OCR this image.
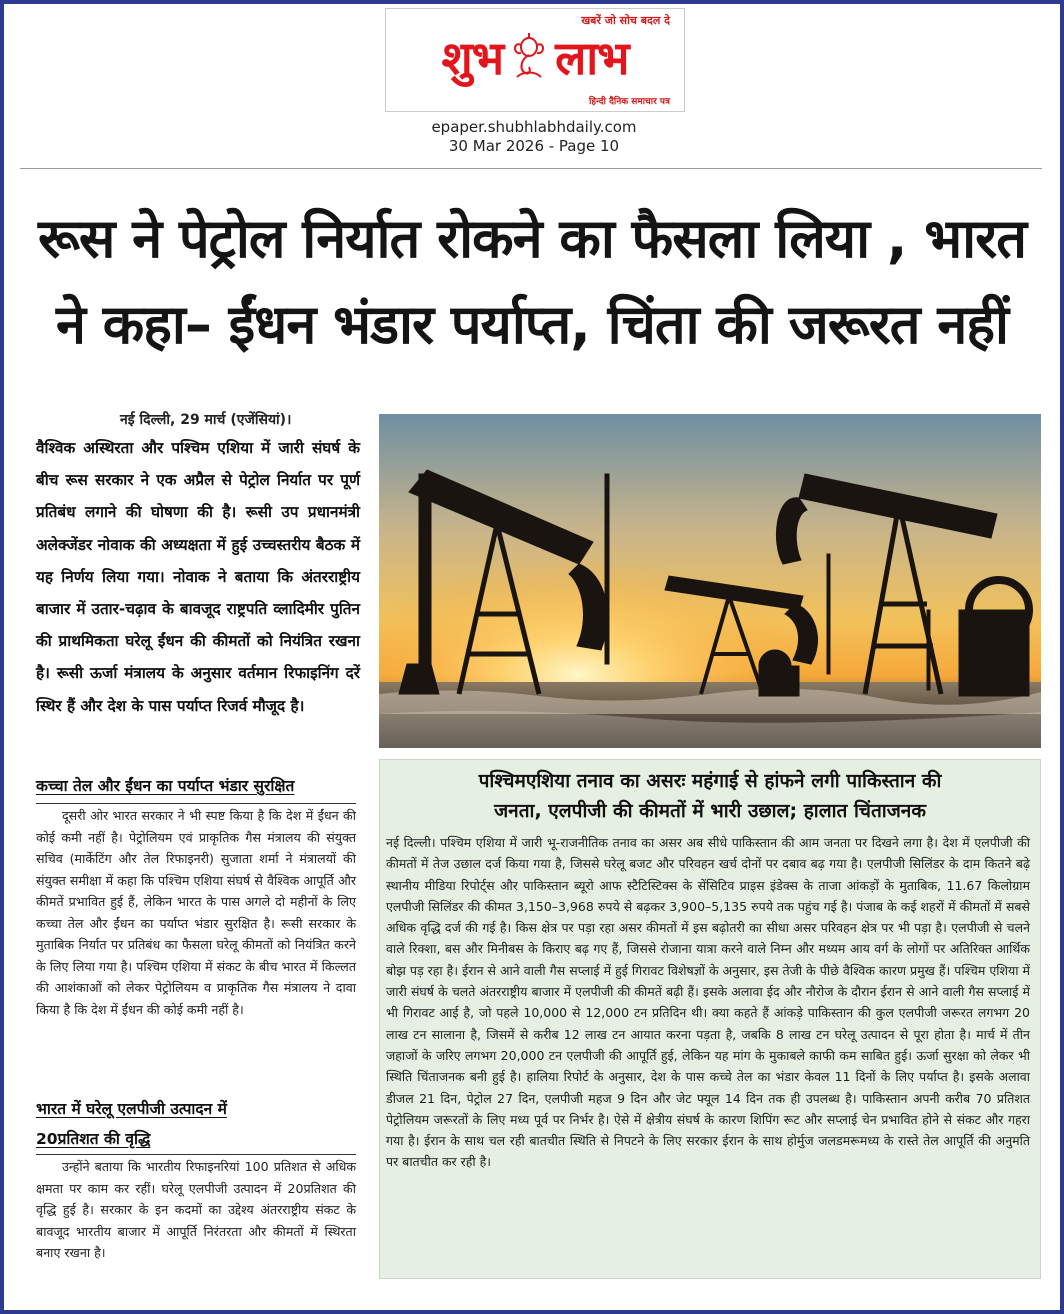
खबरें जो सोच बदल दे
शुभ लाभ
हिन्दी दैनिक समाचार पत्र
epaper.shubhlabhdaily.com
30 Mar 2026 - Page 10
रूस ने पेट्रोल निर्यात रोकने का फैसला लिया , भारत
ने कहा– ईंधन भंडार पर्याप्त, चिंता की जरूरत नहीं
नई दिल्ली, 29 मार्च (एजेंसियां)।
वैश्विक अस्थिरता और पश्चिम एशिया में जारी संघर्ष के बीच रूस सरकार ने एक अप्रैल से पेट्रोल निर्यात पर पूर्ण प्रतिबंध लगाने की घोषणा की है। रूसी उप प्रधानमंत्री अलेक्जेंडर नोवाक की अध्यक्षता में हुई उच्चस्तरीय बैठक में यह निर्णय लिया गया। नोवाक ने बताया कि अंतरराष्ट्रीय बाजार में उतार-चढ़ाव के बावजूद राष्ट्रपति व्लादिमीर पुतिन की प्राथमिकता घरेलू ईंधन की कीमतों को नियंत्रित रखना है। रूसी ऊर्जा मंत्रालय के अनुसार वर्तमान रिफाइनिंग दरें स्थिर हैं और देश के पास पर्याप्त रिजर्व मौजूद है।
कच्चा तेल और ईंधन का पर्याप्त भंडार सुरक्षित
दूसरी ओर भारत सरकार ने भी स्पष्ट किया है कि देश में ईंधन की कोई कमी नहीं है। पेट्रोलियम एवं प्राकृतिक गैस मंत्रालय की संयुक्त सचिव (मार्केटिंग और तेल रिफाइनरी) सुजाता शर्मा ने मंत्रालयों की संयुक्त समीक्षा में कहा कि पश्चिम एशिया संघर्ष से वैश्विक आपूर्ति और कीमतें प्रभावित हुई हैं, लेकिन भारत के पास अगले दो महीनों के लिए कच्चा तेल और ईंधन का पर्याप्त भंडार सुरक्षित है। रूसी सरकार के मुताबिक निर्यात पर प्रतिबंध का फैसला घरेलू कीमतों को नियंत्रित करने के लिए लिया गया है। पश्चिम एशिया में संकट के बीच भारत में किल्लत की आशंकाओं को लेकर पेट्रोलियम व प्राकृतिक गैस मंत्रालय ने दावा किया है कि देश में ईंधन की कोई कमी नहीं है।
भारत में घरेलू एलपीजी उत्पादन में
20प्रतिशत की वृद्धि
उन्होंने बताया कि भारतीय रिफाइनरियां 100 प्रतिशत से अधिक क्षमता पर काम कर रहीं। घरेलू एलपीजी उत्पादन में 20प्रतिशत की वृद्धि हुई है। सरकार के इन कदमों का उद्देश्य अंतरराष्ट्रीय संकट के बावजूद भारतीय बाजार में आपूर्ति निरंतरता और कीमतों में स्थिरता बनाए रखना है।
पश्चिमएशिया तनाव का असरः महंगाई से हांफने लगी पाकिस्तान की
जनता, एलपीजी की कीमतों में भारी उछाल; हालात चिंताजनक
नई दिल्ली। पश्चिम एशिया में जारी भू-राजनीतिक तनाव का असर अब सीधे पाकिस्तान की आम जनता पर दिखने लगा है। देश में एलपीजी की कीमतों में तेज उछाल दर्ज किया गया है, जिससे घरेलू बजट और परिवहन खर्च दोनों पर दबाव बढ़ गया है। एलपीजी सिलिंडर के दाम कितने बढ़े स्थानीय मीडिया रिपोर्ट्स और पाकिस्तान ब्यूरो आफ स्टैटिस्टिक्स के सेंसिटिव प्राइस इंडेक्स के ताजा आंकड़ों के मुताबिक, 11.67 किलोग्राम एलपीजी सिलिंडर की कीमत 3,150–3,968 रुपये से बढ़कर 3,900–5,135 रुपये तक पहुंच गई है। पंजाब के कई शहरों में कीमतों में सबसे अधिक वृद्धि दर्ज की गई है। किस क्षेत्र पर पड़ा रहा असर कीमतों में इस बढ़ोतरी का सीधा असर परिवहन क्षेत्र पर भी पड़ा है। एलपीजी से चलने वाले रिक्शा, बस और मिनीबस के किराए बढ़ गए हैं, जिससे रोजाना यात्रा करने वाले निम्न और मध्यम आय वर्ग के लोगों पर अतिरिक्त आर्थिक बोझ पड़ रहा है। ईरान से आने वाली गैस सप्लाई में हुई गिरावट विशेषज्ञों के अनुसार, इस तेजी के पीछे वैश्विक कारण प्रमुख हैं। पश्चिम एशिया में जारी संघर्ष के चलते अंतरराष्ट्रीय बाजार में एलपीजी की कीमतें बढ़ी हैं। इसके अलावा ईद और नौरोज के दौरान ईरान से आने वाली गैस सप्लाई में भी गिरावट आई है, जो पहले 10,000 से 12,000 टन प्रतिदिन थी। क्या कहते हैं आंकड़े पाकिस्तान की कुल एलपीजी जरूरत लगभग 20 लाख टन सालाना है, जिसमें से करीब 12 लाख टन आयात करना पड़ता है, जबकि 8 लाख टन घरेलू उत्पादन से पूरा होता है। मार्च में तीन जहाजों के जरिए लगभग 20,000 टन एलपीजी की आपूर्ति हुई, लेकिन यह मांग के मुकाबले काफी कम साबित हुई। ऊर्जा सुरक्षा को लेकर भी स्थिति चिंताजनक बनी हुई है। हालिया रिपोर्ट के अनुसार, देश के पास कच्चे तेल का भंडार केवल 11 दिनों के लिए पर्याप्त है। इसके अलावा डीजल 21 दिन, पेट्रोल 27 दिन, एलपीजी महज 9 दिन और जेट फ्यूल 14 दिन तक ही उपलब्ध है। पाकिस्तान अपनी करीब 70 प्रतिशत पेट्रोलियम जरूरतों के लिए मध्य पूर्व पर निर्भर है। ऐसे में क्षेत्रीय संघर्ष के कारण शिपिंग रूट और सप्लाई चेन प्रभावित होने से संकट और गहरा गया है। ईरान के साथ चल रही बातचीत स्थिति से निपटने के लिए सरकार ईरान के साथ होर्मुज जलडमरूमध्य के रास्ते तेल आपूर्ति की अनुमति पर बातचीत कर रही है।
